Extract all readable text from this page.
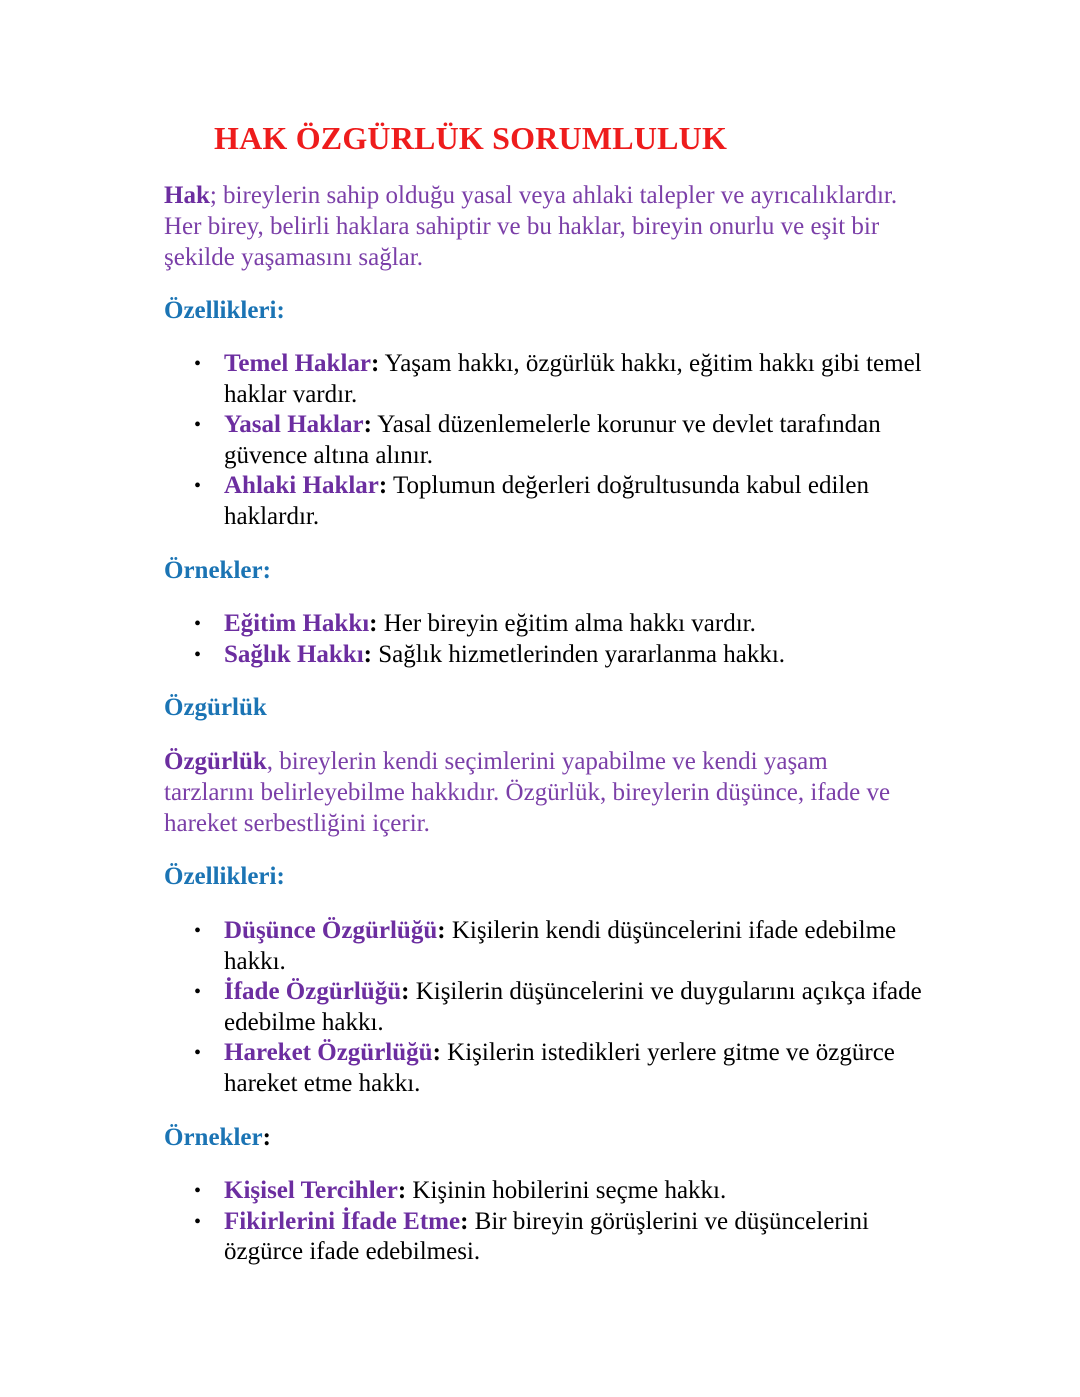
HAK ÖZGÜRLÜK SORUMLULUK

Hak; bireylerin sahip olduğu yasal veya ahlaki talepler ve ayrıcalıklardır. Her birey, belirli haklara sahiptir ve bu haklar, bireyin onurlu ve eşit bir şekilde yaşamasını sağlar.

Özellikleri:
• Temel Haklar: Yaşam hakkı, özgürlük hakkı, eğitim hakkı gibi temel haklar vardır.
• Yasal Haklar: Yasal düzenlemelerle korunur ve devlet tarafından güvence altına alınır.
• Ahlaki Haklar: Toplumun değerleri doğrultusunda kabul edilen haklardır.
Örnekler:
• Eğitim Hakkı: Her bireyin eğitim alma hakkı vardır.
• Sağlık Hakkı: Sağlık hizmetlerinden yararlanma hakkı.
Özgürlük

Özgürlük, bireylerin kendi seçimlerini yapabilme ve kendi yaşam tarzlarını belirleyebilme hakkıdır. Özgürlük, bireylerin düşünce, ifade ve hareket serbestliğini içerir.

Özellikleri:
• Düşünce Özgürlüğü: Kişilerin kendi düşüncelerini ifade edebilme hakkı.
• İfade Özgürlüğü: Kişilerin düşüncelerini ve duygularını açıkça ifade edebilme hakkı.
• Hareket Özgürlüğü: Kişilerin istedikleri yerlere gitme ve özgürce hareket etme hakkı.
Örnekler:
• Kişisel Tercihler: Kişinin hobilerini seçme hakkı.
• Fikirlerini İfade Etme: Bir bireyin görüşlerini ve düşüncelerini özgürce ifade edebilmesi.
